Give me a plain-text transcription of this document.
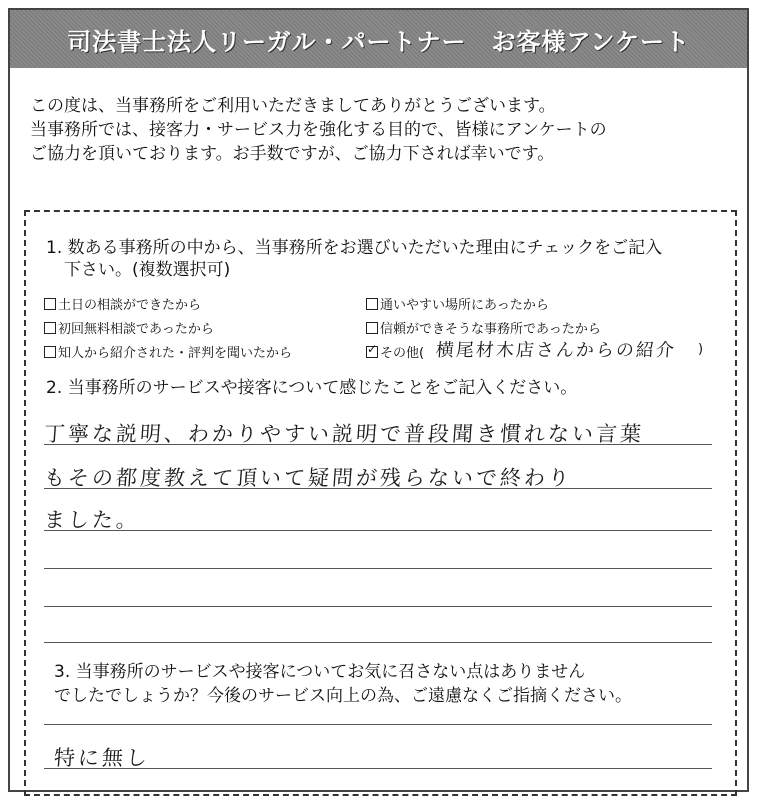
司法書士法人リーガル・パートナー　お客様アンケート
この度は、当事務所をご利用いただきましてありがとうございます。
当事務所では、接客力・サービス力を強化する目的で、皆様にアンケートの
ご協力を頂いております。お手数ですが、ご協力下されば幸いです。
1. 数ある事務所の中から、当事務所をお選びいただいた理由にチェックをご記入
下さい。(複数選択可)
土日の相談ができたから	通いやすい場所にあったから
初回無料相談であったから	信頼ができそうな事務所であったから
知人から紹介された・評判を聞いたから
✓	その他( 横尾材木店さんからの紹介 )
2. 当事務所のサービスや接客について感じたことをご記入ください。
丁寧な説明、わかりやすい説明で普段聞き慣れない言葉
もその都度教えて頂いて疑問が残らないで終わり
ました。
3. 当事務所のサービスや接客についてお気に召さない点はありません
でしたでしょうか？今後のサービス向上の為、ご遠慮なくご指摘ください。
特に無し
